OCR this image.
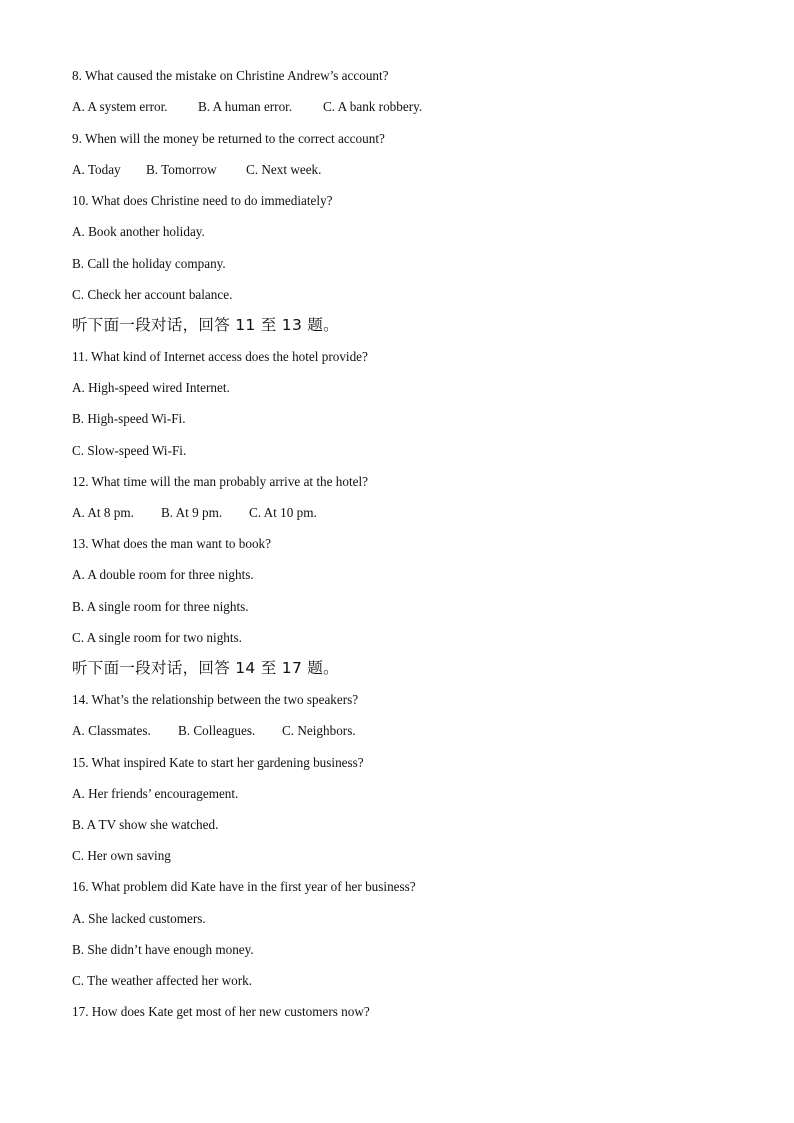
8. What caused the mistake on Christine Andrew’s account?
A. A system error. B. A human error. C. A bank robbery.
9. When will the money be returned to the correct account?
A. Today B. Tomorrow C. Next week.
10. What does Christine need to do immediately?
A. Book another holiday.
B. Call the holiday company.
C. Check her account balance.
听下面一段对话，回答 11 至 13 题。
11. What kind of Internet access does the hotel provide?
A. High-speed wired Internet.
B. High-speed Wi-Fi.
C. Slow-speed Wi-Fi.
12. What time will the man probably arrive at the hotel?
A. At 8 pm. B. At 9 pm. C. At 10 pm.
13. What does the man want to book?
A. A double room for three nights.
B. A single room for three nights.
C. A single room for two nights.
听下面一段对话，回答 14 至 17 题。
14. What’s the relationship between the two speakers?
A. Classmates. B. Colleagues. C. Neighbors.
15. What inspired Kate to start her gardening business?
A. Her friends’ encouragement.
B. A TV show she watched.
C. Her own saving
16. What problem did Kate have in the first year of her business?
A. She lacked customers.
B. She didn’t have enough money.
C. The weather affected her work.
17. How does Kate get most of her new customers now?
